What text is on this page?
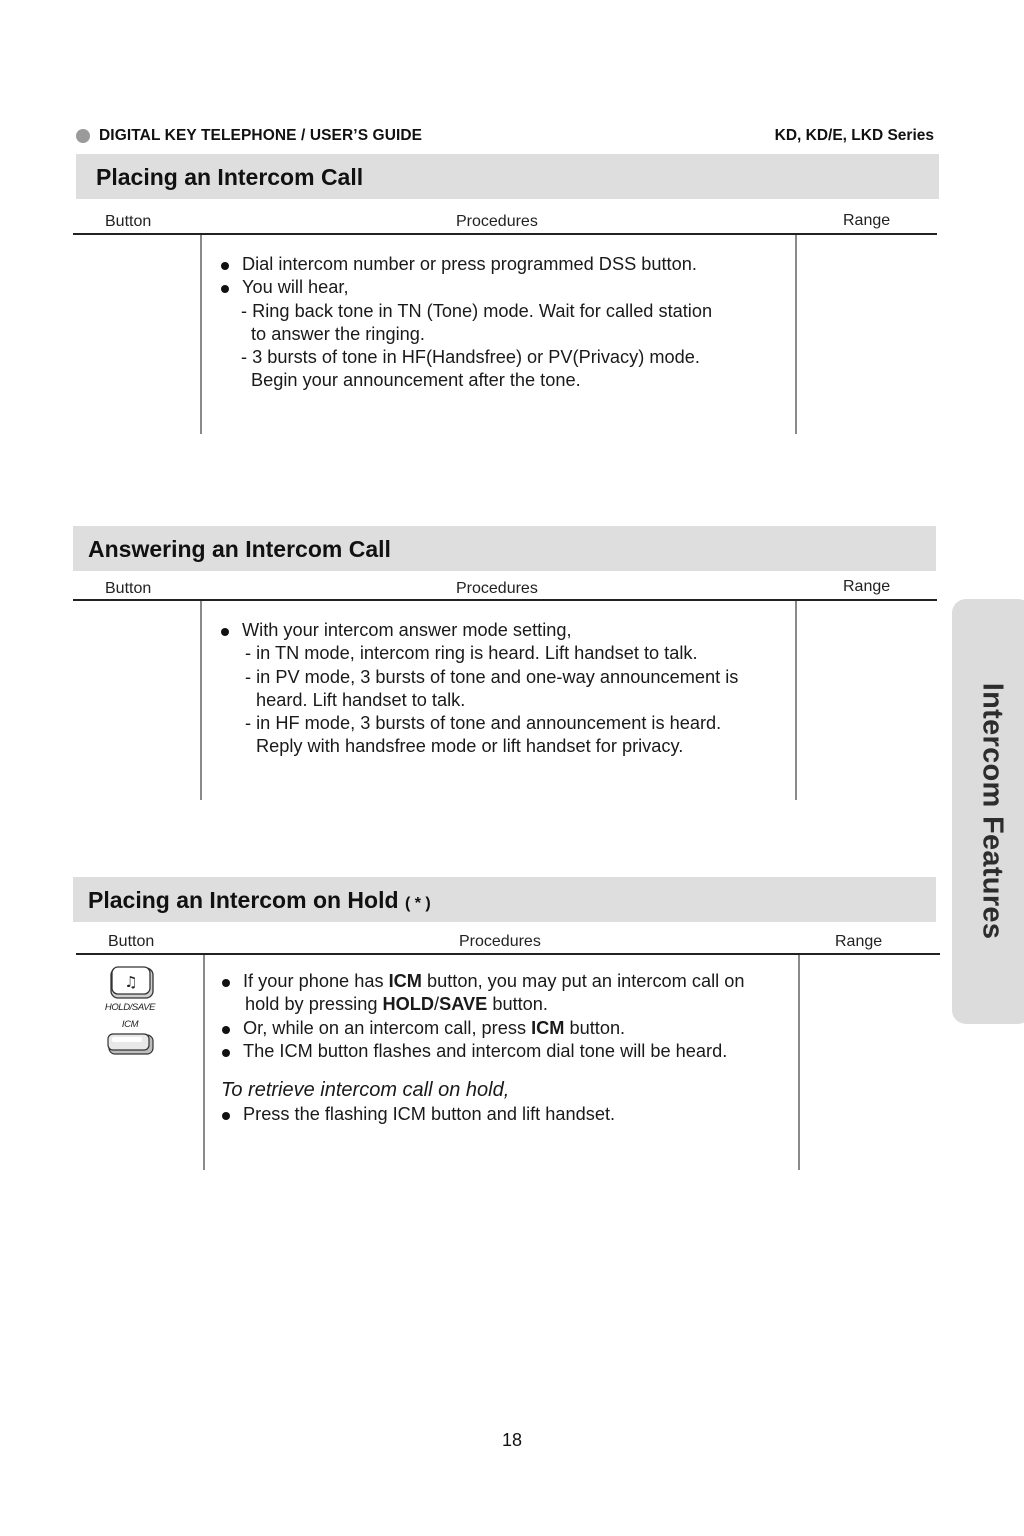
DIGITAL KEY TELEPHONE / USER’S GUIDE	KD, KD/E, LKD Series
Placing an Intercom Call
Button	Procedures	Range
Dial intercom number or press programmed DSS button.
You will hear,
- Ring back tone in TN (Tone) mode. Wait for called station
to answer the ringing.
- 3 bursts of tone in HF(Handsfree) or PV(Privacy) mode.
Begin your announcement after the tone.
Answering an Intercom Call
Button	Procedures	Range
With your intercom answer mode setting,
- in TN mode, intercom ring is heard. Lift handset to talk.
- in PV mode, 3 bursts of tone and one-way announcement is
heard. Lift handset to talk.
- in HF mode, 3 bursts of tone and announcement is heard.
Reply with handsfree mode or lift handset for privacy.
Placing an Intercom on Hold ( * )
Button	Procedures	Range
♫
HOLD/SAVE
ICM
If your phone has ICM button, you may put an intercom call on
hold by pressing HOLD/SAVE button.
Or, while on an intercom call, press ICM button.
The ICM button flashes and intercom dial tone will be heard.
To retrieve intercom call on hold,
Press the flashing ICM button and lift handset.
Intercom Features
18
